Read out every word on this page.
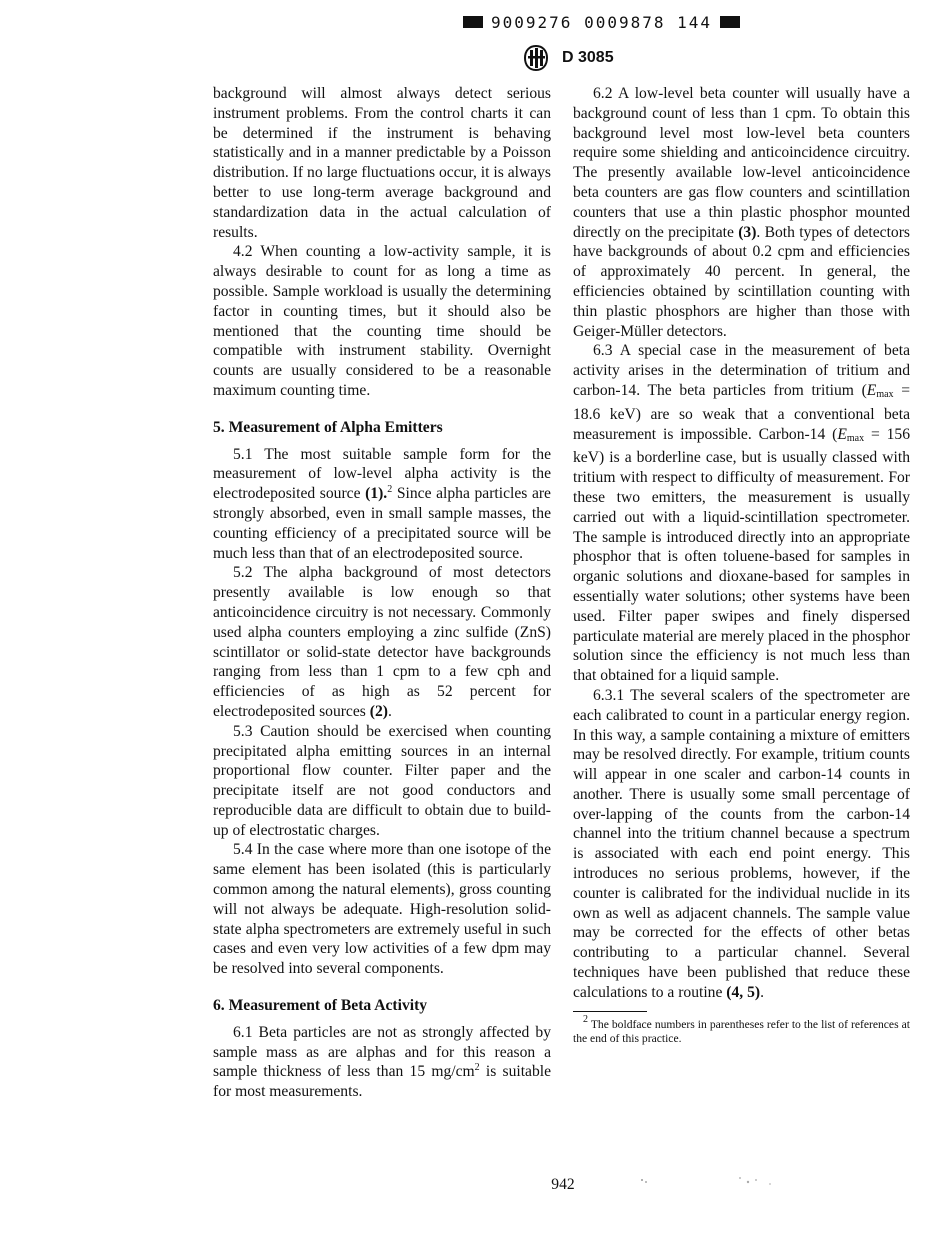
9009276 0009878 144
D 3085

background will almost always detect serious instrument problems. From the control charts it can be determined if the instrument is behaving statistically and in a manner predictable by a Poisson distribution. If no large fluctuations occur, it is always better to use long-term average background and standardization data in the actual calculation of results.

4.2 When counting a low-activity sample, it is always desirable to count for as long a time as possible. Sample workload is usually the determining factor in counting times, but it should also be mentioned that the counting time should be compatible with instrument stability. Overnight counts are usually considered to be a reasonable maximum counting time.

5. Measurement of Alpha Emitters

5.1 The most suitable sample form for the measurement of low-level alpha activity is the electrodeposited source (1).$^2$ Since alpha particles are strongly absorbed, even in small sample masses, the counting efficiency of a precipitated source will be much less than that of an electrodeposited source.

5.2 The alpha background of most detectors presently available is low enough so that anticoincidence circuitry is not necessary. Commonly used alpha counters employing a zinc sulfide (ZnS) scintillator or solid-state detector have backgrounds ranging from less than 1 cpm to a few cph and efficiencies of as high as 52 percent for electrodeposited sources (2).

5.3 Caution should be exercised when counting precipitated alpha emitting sources in an internal proportional flow counter. Filter paper and the precipitate itself are not good conductors and reproducible data are difficult to obtain due to build-up of electrostatic charges.

5.4 In the case where more than one isotope of the same element has been isolated (this is particularly common among the natural elements), gross counting will not always be adequate. High-resolution solid-state alpha spectrometers are extremely useful in such cases and even very low activities of a few dpm may be resolved into several components.

6. Measurement of Beta Activity

6.1 Beta particles are not as strongly affected by sample mass as are alphas and for this reason a sample thickness of less than 15 $mg/cm^2$ is suitable for most measurements.

6.2 A low-level beta counter will usually have a background count of less than 1 cpm. To obtain this background level most low-level beta counters require some shielding and anticoincidence circuitry. The presently available low-level anticoincidence beta counters are gas flow counters and scintillation counters that use a thin plastic phosphor mounted directly on the precipitate (3). Both types of detectors have backgrounds of about 0.2 cpm and efficiencies of approximately 40 percent. In general, the efficiencies obtained by scintillation counting with thin plastic phosphors are higher than those with Geiger-Müller detectors.

6.3 A special case in the measurement of beta activity arises in the determination of tritium and carbon-14. The beta particles from tritium ($E_{max} = 18.6$ keV) are so weak that a conventional beta measurement is impossible. Carbon-14 ($E_{max} = 156$ keV) is a borderline case, but is usually classed with tritium with respect to difficulty of measurement. For these two emitters, the measurement is usually carried out with a liquid-scintillation spectrometer. The sample is introduced directly into an appropriate phosphor that is often toluene-based for samples in organic solutions and dioxane-based for samples in essentially water solutions; other systems have been used. Filter paper swipes and finely dispersed particulate material are merely placed in the phosphor solution since the efficiency is not much less than that obtained for a liquid sample.

6.3.1 The several scalers of the spectrometer are each calibrated to count in a particular energy region. In this way, a sample containing a mixture of emitters may be resolved directly. For example, tritium counts will appear in one scaler and carbon-14 counts in another. There is usually some small percentage of over-lapping of the counts from the carbon-14 channel into the tritium channel because a spectrum is associated with each end point energy. This introduces no serious problems, however, if the counter is calibrated for the individual nuclide in its own as well as adjacent channels. The sample value may be corrected for the effects of other betas contributing to a particular channel. Several techniques have been published that reduce these calculations to a routine (4, 5).

2 The boldface numbers in parentheses refer to the list of references at the end of this practice.

942
